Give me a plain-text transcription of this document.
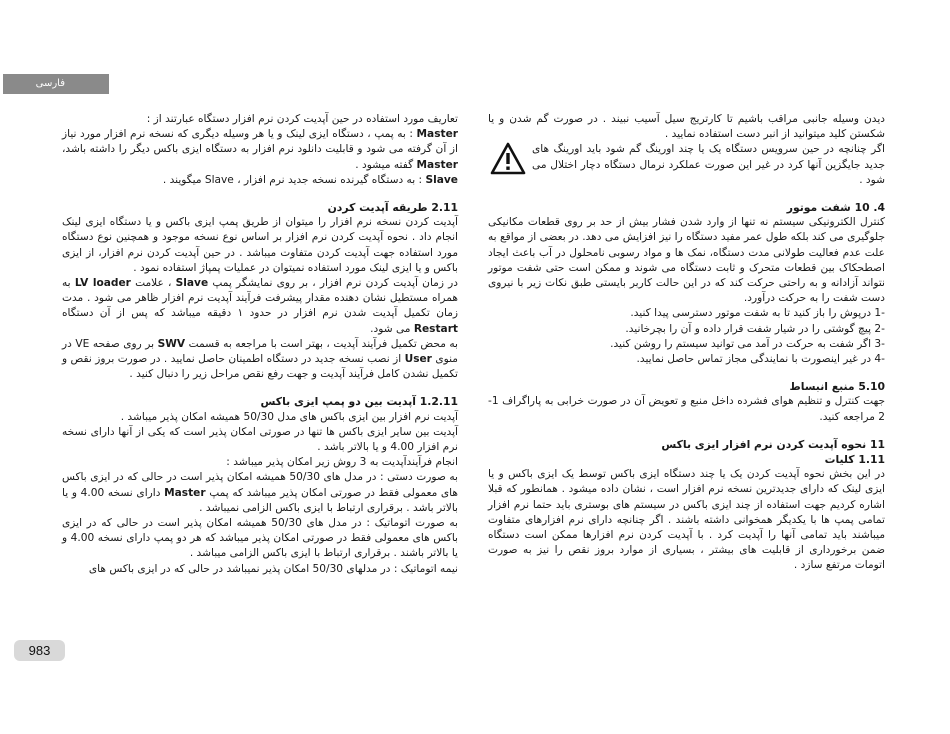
فارسی

تعاریف مورد استفاده در حین آپدیت کردن نرم افزار دستگاه عبارتند از :

Master : به پمپ ، دستگاه ایزی لینک و یا هر وسیله دیگری که نسخه نرم افزار مورد نیاز از آن گرفته می شود و قابلیت دانلود نرم افزار به دستگاه ایزی باکس دیگر را داشته باشد، Master گفته میشود .

Slave : به دستگاه گیرنده نسخه جدید نرم افزار ، Slave میگویند .

2.11 طریقه آپدیت کردن

آپدیت کردن نسخه نرم افزار را میتوان از طریق پمپ ایزی باکس و یا دستگاه ایزی لینک انجام داد . نحوه آپدیت کردن نرم افزار بر اساس نوع نسخه موجود و همچنین نوع دستگاه مورد استفاده جهت آپدیت کردن متفاوت میباشد . در حین آپدیت کردن نرم افزار، از ایزی باکس و یا ایزی لینک مورد استفاده نمیتوان در عملیات پمپاژ استفاده نمود .

در زمان آپدیت کردن نرم افزار ، بر روی نمایشگر پمپ Slave ، علامت LV loader به همراه مستطیل نشان دهنده مقدار پیشرفت فرآیند آپدیت نرم افزار ظاهر می شود . مدت زمان تکمیل آپدیت شدن نرم افزار در حدود ۱ دقیقه میباشد که پس از آن دستگاه Restart می شود.

به محض تکمیل فرآیند آپدیت ، بهتر است با مراجعه به قسمت SWV بر روی صفحه VE در منوی User از نصب نسخه جدید در دستگاه اطمینان حاصل نمایید . در صورت بروز نقص و تکمیل نشدن کامل فرآیند آپدیت و جهت رفع نقص مراحل زیر را دنبال کنید .

1.2.11 آپدیت بین دو پمپ ایزی باکس

آپدیت نرم افزار بین ایزی باکس های مدل 50/30 همیشه امکان پذیر میباشد .

آپدیت بین سایر ایزی باکس ها تنها در صورتی امکان پذیر است که یکی از آنها دارای نسخه نرم افزار 4.00 و یا بالاتر باشد .

انجام فرآیندآپدیت به 3 روش زیر امکان پذیر میباشد :

به صورت دستی : در مدل های 50/30 همیشه امکان پذیر است در حالی که در ایزی باکس های معمولی فقط در صورتی امکان پذیر میباشد که پمپ Master دارای نسخه 4.00 و یا بالاتر باشد . برقراری ارتباط با ایزی باکس الزامی نمیباشد .

به صورت اتوماتیک : در مدل های 50/30 همیشه امکان پذیر است در حالی که در ایزی باکس های معمولی فقط در صورتی امکان پذیر میباشد که هر دو پمپ دارای نسخه 4.00 و یا بالاتر باشند . برقراری ارتباط با ایزی باکس الزامی میباشد .

نیمه اتوماتیک : در مدلهای 50/30 امکان پذیر نمیباشد در حالی که در ایزی باکس های

دیدن وسیله جانبی مراقب باشیم تا کارتریج سیل آسیب نبیند . در صورت گم شدن و یا شکستن کلید میتوانید از انبر دست استفاده نمایید .

اگر چنانچه در حین سرویس دستگاه یک یا چند اورینگ گم شود باید اورینگ های جدید جایگزین آنها کرد در غیر این صورت عملکرد نرمال دستگاه دچار اختلال می شود .

4. 10 شفت موتور

کنترل الکترونیکی سیستم نه تنها از وارد شدن فشار بیش از حد بر روی قطعات مکانیکی جلوگیری می کند بلکه طول عمر مفید دستگاه را نیز افزایش می دهد. در بعضی از مواقع به علت عدم فعالیت طولانی مدت دستگاه، نمک ها و مواد رسوبی نامحلول در آب باعث ایجاد اصطحکاک بین قطعات متحرک و ثابت دستگاه می شوند و ممکن است حتی شفت موتور نتواند آزادانه و به راحتی حرکت کند که در این حالت کاربر بایستی طبق نکات زیر با نیروی دست شفت را به حرکت درآورد.

-1 درپوش را باز کنید تا به شفت موتور دسترسی پیدا کنید.

-2 پیچ گوشتی را در شیار شفت قرار داده و آن را بچرخانید.

-3 اگر شفت به حرکت در آمد می توانید سیستم را روشن کنید.

-4 در غیر اینصورت با نمایندگی مجاز تماس حاصل نمایید.

5.10 منبع انبساط

جهت کنترل و تنظیم هوای فشرده داخل منبع و تعویض آن در صورت خرابی به پاراگراف 1-2 مراجعه کنید.

11 نحوه آپدیت کردن نرم افزار ایزی باکس

1.11 کلیات

در این بخش نحوه آپدیت کردن یک یا چند دستگاه ایزی باکس توسط یک ایزی باکس و یا ایزی لینک که دارای جدیدترین نسخه نرم افزار است ، نشان داده میشود . همانطور که قبلا اشاره کردیم جهت استفاده از چند ایزی باکس در سیستم های بوستری باید حتما نرم افزار تمامی پمپ ها با یکدیگر همخوانی داشته باشند . اگر چنانچه دارای نرم افزارهای متفاوت میباشند باید تمامی آنها را آپدیت کرد . با آپدیت کردن نرم افزارها ممکن است دستگاه ضمن برخورداری از قابلیت های بیشتر ، بسیاری از موارد بروز نقص را نیز به صورت اتومات مرتفع سازد .

983
